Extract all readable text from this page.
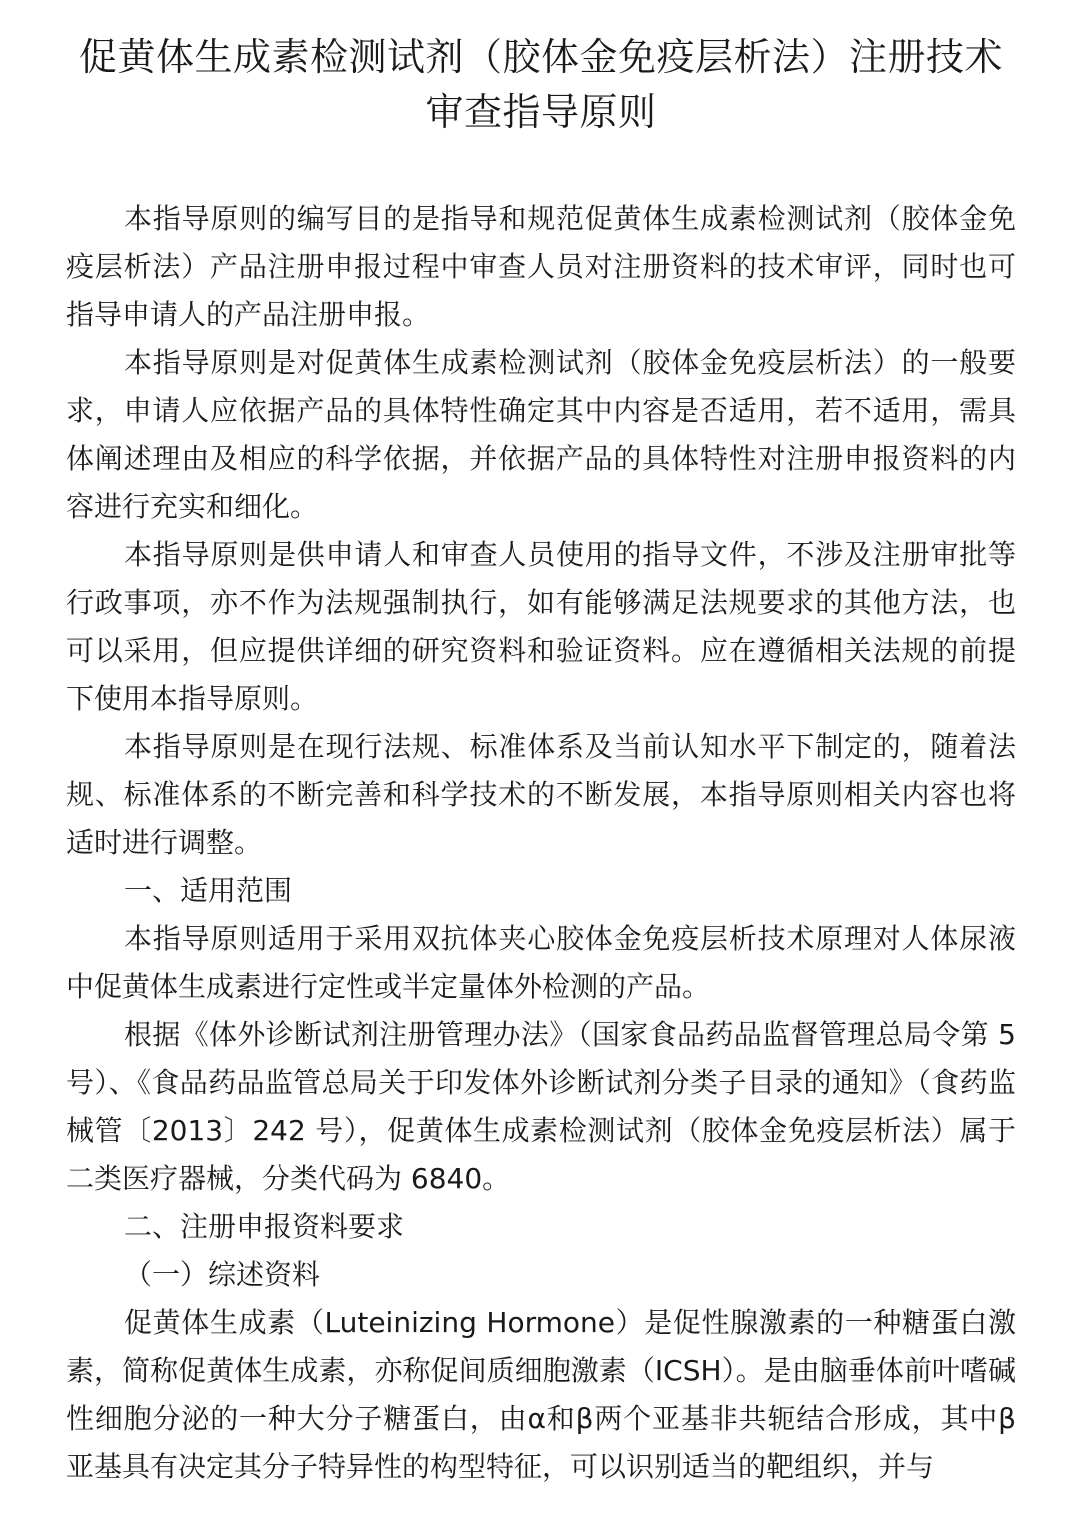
促黄体生成素检测试剂（胶体金免疫层析法）注册技术
审查指导原则

本指导原则的编写目的是指导和规范促黄体生成素检测试剂（胶体金免疫层析法）产品注册申报过程中审查人员对注册资料的技术审评，同时也可指导申请人的产品注册申报。

本指导原则是对促黄体生成素检测试剂（胶体金免疫层析法）的一般要求，申请人应依据产品的具体特性确定其中内容是否适用，若不适用，需具体阐述理由及相应的科学依据，并依据产品的具体特性对注册申报资料的内容进行充实和细化。

本指导原则是供申请人和审查人员使用的指导文件，不涉及注册审批等行政事项，亦不作为法规强制执行，如有能够满足法规要求的其他方法，也可以采用，但应提供详细的研究资料和验证资料。应在遵循相关法规的前提下使用本指导原则。

本指导原则是在现行法规、标准体系及当前认知水平下制定的，随着法规、标准体系的不断完善和科学技术的不断发展，本指导原则相关内容也将适时进行调整。

一、适用范围

本指导原则适用于采用双抗体夹心胶体金免疫层析技术原理对人体尿液中促黄体生成素进行定性或半定量体外检测的产品。

根据《体外诊断试剂注册管理办法》（国家食品药品监督管理总局令第 5 号）、《食品药品监管总局关于印发体外诊断试剂分类子目录的通知》（食药监械管〔2013〕242 号），促黄体生成素检测试剂（胶体金免疫层析法）属于二类医疗器械，分类代码为 6840。

二、注册申报资料要求

（一）综述资料

促黄体生成素（Luteinizing Hormone）是促性腺激素的一种糖蛋白激素，简称促黄体生成素，亦称促间质细胞激素（ICSH）。是由脑垂体前叶嗜碱性细胞分泌的一种大分子糖蛋白，由α和β两个亚基非共轭结合形成，其中β亚基具有决定其分子特异性的构型特征，可以识别适当的靶组织，并与
